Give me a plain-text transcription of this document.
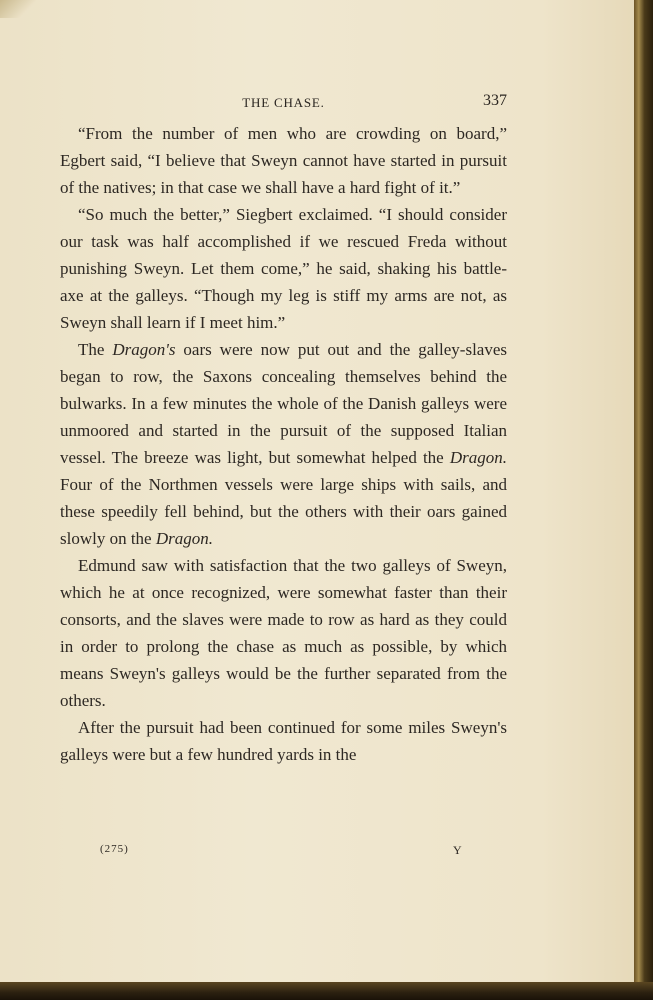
THE CHASE.	337

“From the number of men who are crowding on board,” Egbert said, “I believe that Sweyn cannot have started in pursuit of the natives; in that case we shall have a hard fight of it.”

“So much the better,” Siegbert exclaimed. “I should consider our task was half accomplished if we rescued Freda without punishing Sweyn. Let them come,” he said, shaking his battle-axe at the galleys. “Though my leg is stiff my arms are not, as Sweyn shall learn if I meet him.”

The Dragon's oars were now put out and the galley-slaves began to row, the Saxons concealing themselves behind the bulwarks. In a few minutes the whole of the Danish galleys were unmoored and started in the pursuit of the supposed Italian vessel. The breeze was light, but somewhat helped the Dragon. Four of the Northmen vessels were large ships with sails, and these speedily fell behind, but the others with their oars gained slowly on the Dragon.

Edmund saw with satisfaction that the two galleys of Sweyn, which he at once recognized, were somewhat faster than their consorts, and the slaves were made to row as hard as they could in order to prolong the chase as much as possible, by which means Sweyn's galleys would be the further separated from the others.

After the pursuit had been continued for some miles Sweyn's galleys were but a few hundred yards in the

(275)	Y
